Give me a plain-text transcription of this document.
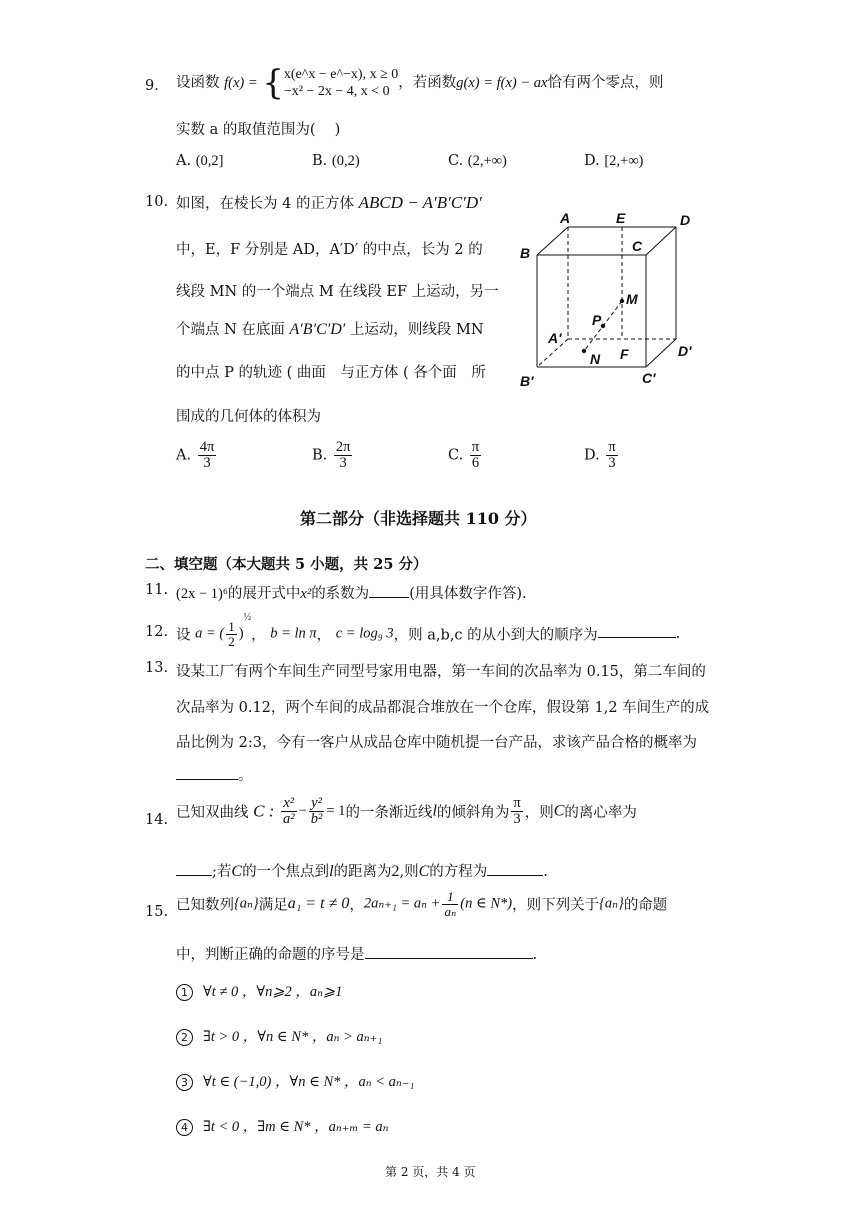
9. 设函数 f(x) = {x(e^x − e^−x), x ≥ 0
−x² − 2x − 4, x < 0，若函数g(x) = f(x) − ax恰有两个零点，则
实数 a 的取值范围为(　 )
A. (0,2]	B. (0,2)	C. (2,+∞)	D. [2,+∞)
10. 如图，在棱长为 4 的正方体 ABCD − A′B′C′D′
中，E，F 分别是 AD，A′D′ 的中点，长为 2 的
线段 MN 的一个端点 M 在线段 EF 上运动，另一
个端点 N 在底面 A′B′C′D′ 上运动，则线段 MN
的中点 P 的轨迹 ( 曲面　与正方体 ( 各个面　所
围成的几何体的体积为
A. $\frac{4\pi}{3}$	B. $\frac{2\pi}{3}$	C. $\frac{\pi}{6}$	D. $\frac{\pi}{3}$
A	E	D
B	C
M
P
A′
N F	D′
B′	C′
第二部分（非选择题共 110 分）
二、填空题（本大题共 5 小题，共 25 分）
11. (2x − 1)⁶的展开式中x²的系数为	(用具体数字作答).
12. 设 a = ( $\frac{1}{2} )^{\frac{1}{2}}$， b = ln π， c = log₉ 3，则 a,b,c 的从小到大的顺序为	.
13. 设某工厂有两个车间生产同型号家用电器，第一车间的次品率为 0.15，第二车间的
次品率为 0.12，两个车间的成品都混合堆放在一个仓库，假设第 1,2 车间生产的成
品比例为 2:3，今有一客户从成品仓库中随机提一台产品，求该产品合格的概率为
。
14. 已知双曲线 C : $\frac{\text{x²}}{\text{a²}} - \frac{\text{y²}}{\text{b²}} = 1$的一条渐近线l的倾斜角为 $\frac{\pi}{3}$ ，则C的离心率为
;若C的一个焦点到l的距离为2,则C的方程为	.
15. 已知数列{aₙ}满足a₁ = t ≠ 0，$2a_{n+1} = a_n + \frac{1}{\text{aₙ}} (n$ ∈ N*)，则下列关于{aₙ}的命题
中，判断正确的命题的序号是	.
1 ∀t ≠ 0 ，∀n⩾2 ，aₙ⩾1
2 ∃t > 0 ，∀n ∈ N* ，aₙ > aₙ₊₁
3 ∀t ∈ (−1,0) ，∀n ∈ N* ，aₙ < aₙ₋₁
4 ∃t < 0 ，∃m ∈ N* ，aₙ₊ₘ = aₙ
第 2 页，共 4 页
